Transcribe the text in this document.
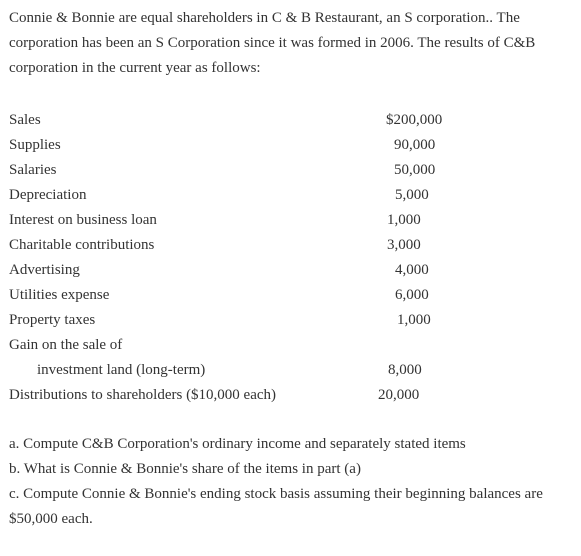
Connie & Bonnie are equal shareholders in C & B Restaurant, an S corporation.. The corporation has been an S Corporation since it was formed in 2006. The results of C&B corporation in the current year as follows:

Sales	$200,000
Supplies	90,000
Salaries	50,000
Depreciation	5,000
Interest on business loan	1,000
Charitable contributions	3,000
Advertising	4,000
Utilities expense	6,000
Property taxes	1,000
Gain on the sale of
investment land (long-term)	8,000
Distributions to shareholders ($10,000 each)	20,000

a. Compute C&B Corporation's ordinary income and separately stated items

b. What is Connie & Bonnie's share of the items in part (a)

c. Compute Connie & Bonnie's ending stock basis assuming their beginning balances are $50,000 each.
